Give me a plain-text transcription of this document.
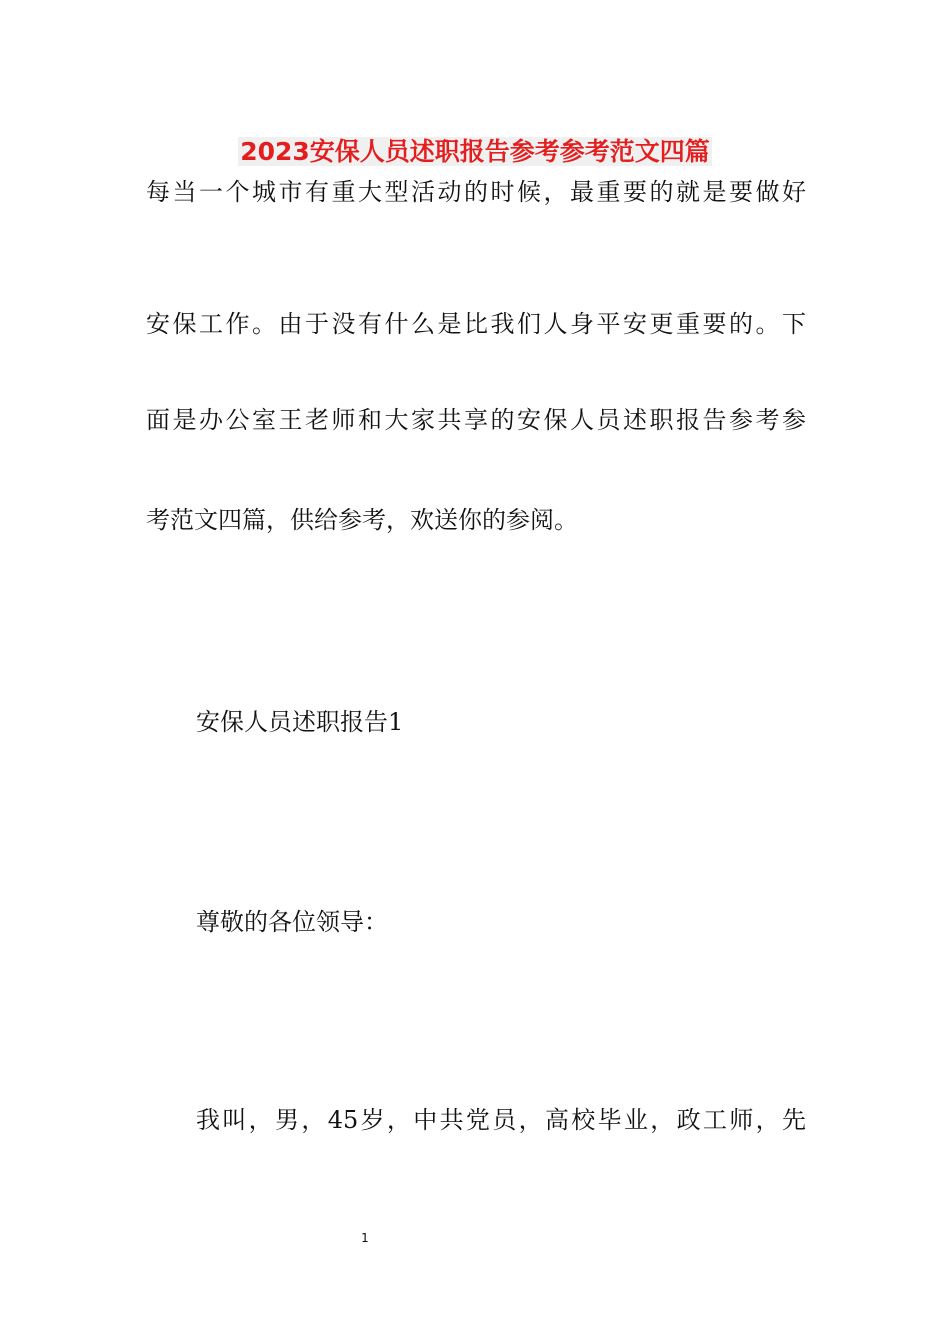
2023安保人员述职报告参考参考范文四篇
每当一个城市有重大型活动的时候，最重要的就是要做好
安保工作。由于没有什么是比我们人身平安更重要的。下
面是办公室王老师和大家共享的安保人员述职报告参考参
考范文四篇，供给参考，欢送你的参阅。
安保人员述职报告1
尊敬的各位领导：
我叫，男，45岁，中共党员，高校毕业，政工师，先
1
